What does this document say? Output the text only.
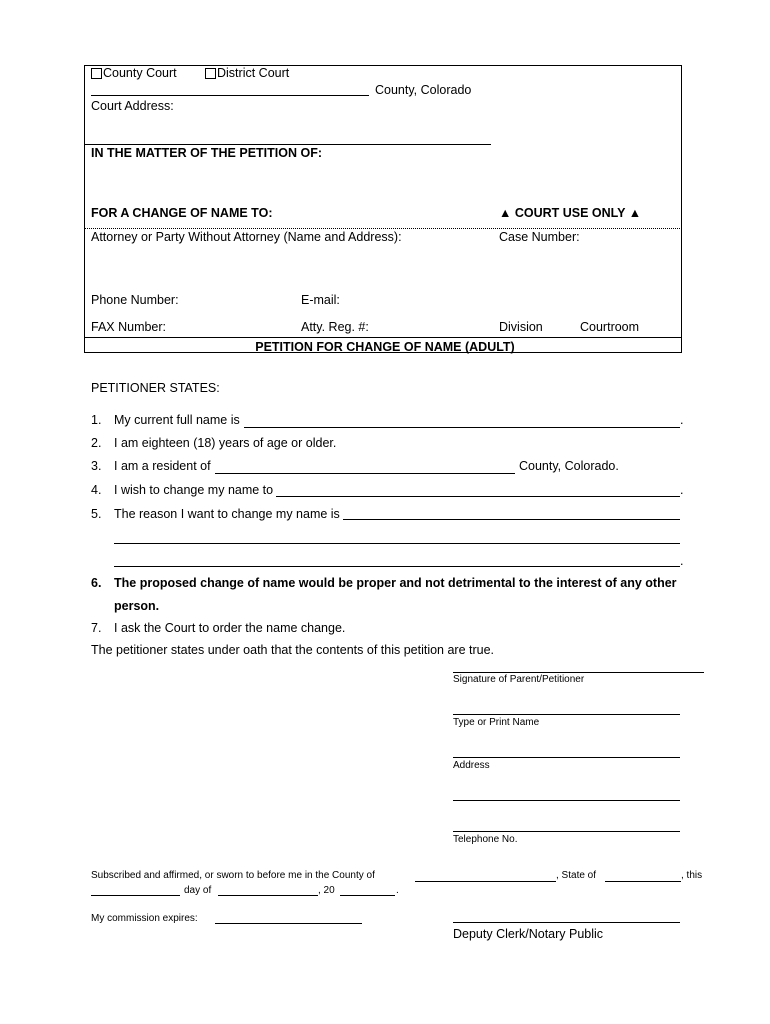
County Court	District Court
County, Colorado
Court Address:
IN THE MATTER OF THE PETITION OF:
FOR A CHANGE OF NAME TO:	▲ COURT USE ONLY ▲
Attorney or Party Without Attorney (Name and Address):	Case Number:
Phone Number:	E-mail:
FAX Number:	Atty. Reg. #:	Division	Courtroom
PETITION FOR CHANGE OF NAME (ADULT)
PETITIONER STATES:
1. My current full name is	.
2. I am eighteen (18) years of age or older.
3. I am a resident of	County, Colorado.
4. I wish to change my name to	.
5. The reason I want to change my name is
.
6. The proposed change of name would be proper and not detrimental to the interest of any other
person.
7. I ask the Court to order the name change.
The petitioner states under oath that the contents of this petition are true.
Signature of Parent/Petitioner
Type or Print Name
Address
Telephone No.
Subscribed and affirmed, or sworn to before me in the County of	, State of	, this
day of	, 20	.
My commission expires:
Deputy Clerk/Notary Public
